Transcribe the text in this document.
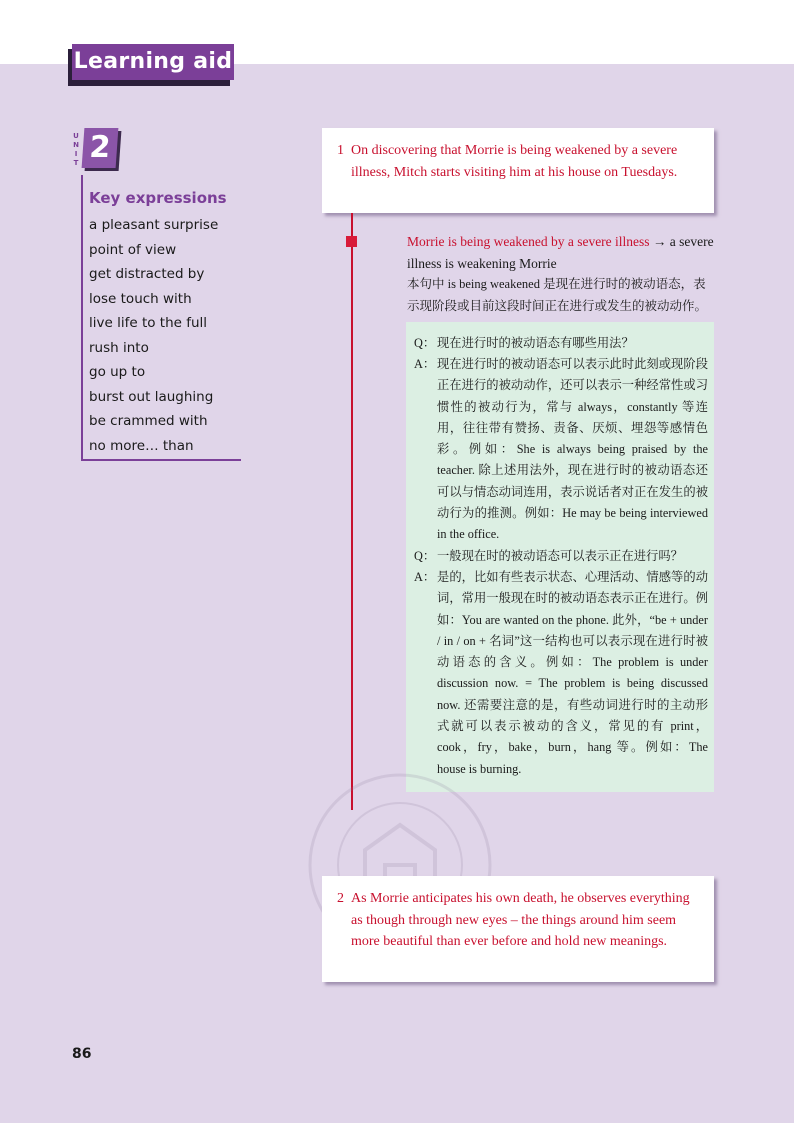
Learning aid
U
N
I
T 2
Key expressions
a pleasant surprise
point of view
get distracted by
lose touch with
live life to the full
rush into
go up to
burst out laughing
be crammed with
no more… than
1 On discovering that Morrie is being weakened by a severe illness, Mitch starts visiting him at his house on Tuesdays.
Morrie is being weakened by a severe illness → a severe illness is weakening Morrie
本句中 is being weakened 是现在进行时的被动语态，表示现阶段或目前这段时间正在进行或发生的被动动作。
Q： 现在进行时的被动语态有哪些用法？
A： 现在进行时的被动语态可以表示此时此刻或现阶段正在进行的被动动作，还可以表示一种经常性或习惯性的被动行为，常与 always，constantly 等连用，往往带有赞扬、责备、厌烦、埋怨等感情色彩。例如：She is always being praised by the teacher. 除上述用法外，现在进行时的被动语态还可以与情态动词连用，表示说话者对正在发生的被动行为的推测。例如：He may be being interviewed in the office.
Q： 一般现在时的被动语态可以表示正在进行吗？
A： 是的，比如有些表示状态、心理活动、情感等的动词，常用一般现在时的被动语态表示正在进行。例如：You are wanted on the phone. 此外，“be + under / in / on + 名词”这一结构也可以表示现在进行时被动语态的含义。例如：The problem is under discussion now. = The problem is being discussed now. 还需要注意的是，有些动词进行时的主动形式就可以表示被动的含义，常见的有 print，cook，fry，bake，burn，hang 等。例如：The house is burning.
2 As Morrie anticipates his own death, he observes everything as though through new eyes – the things around him seem more beautiful than ever before and hold new meanings.
86
